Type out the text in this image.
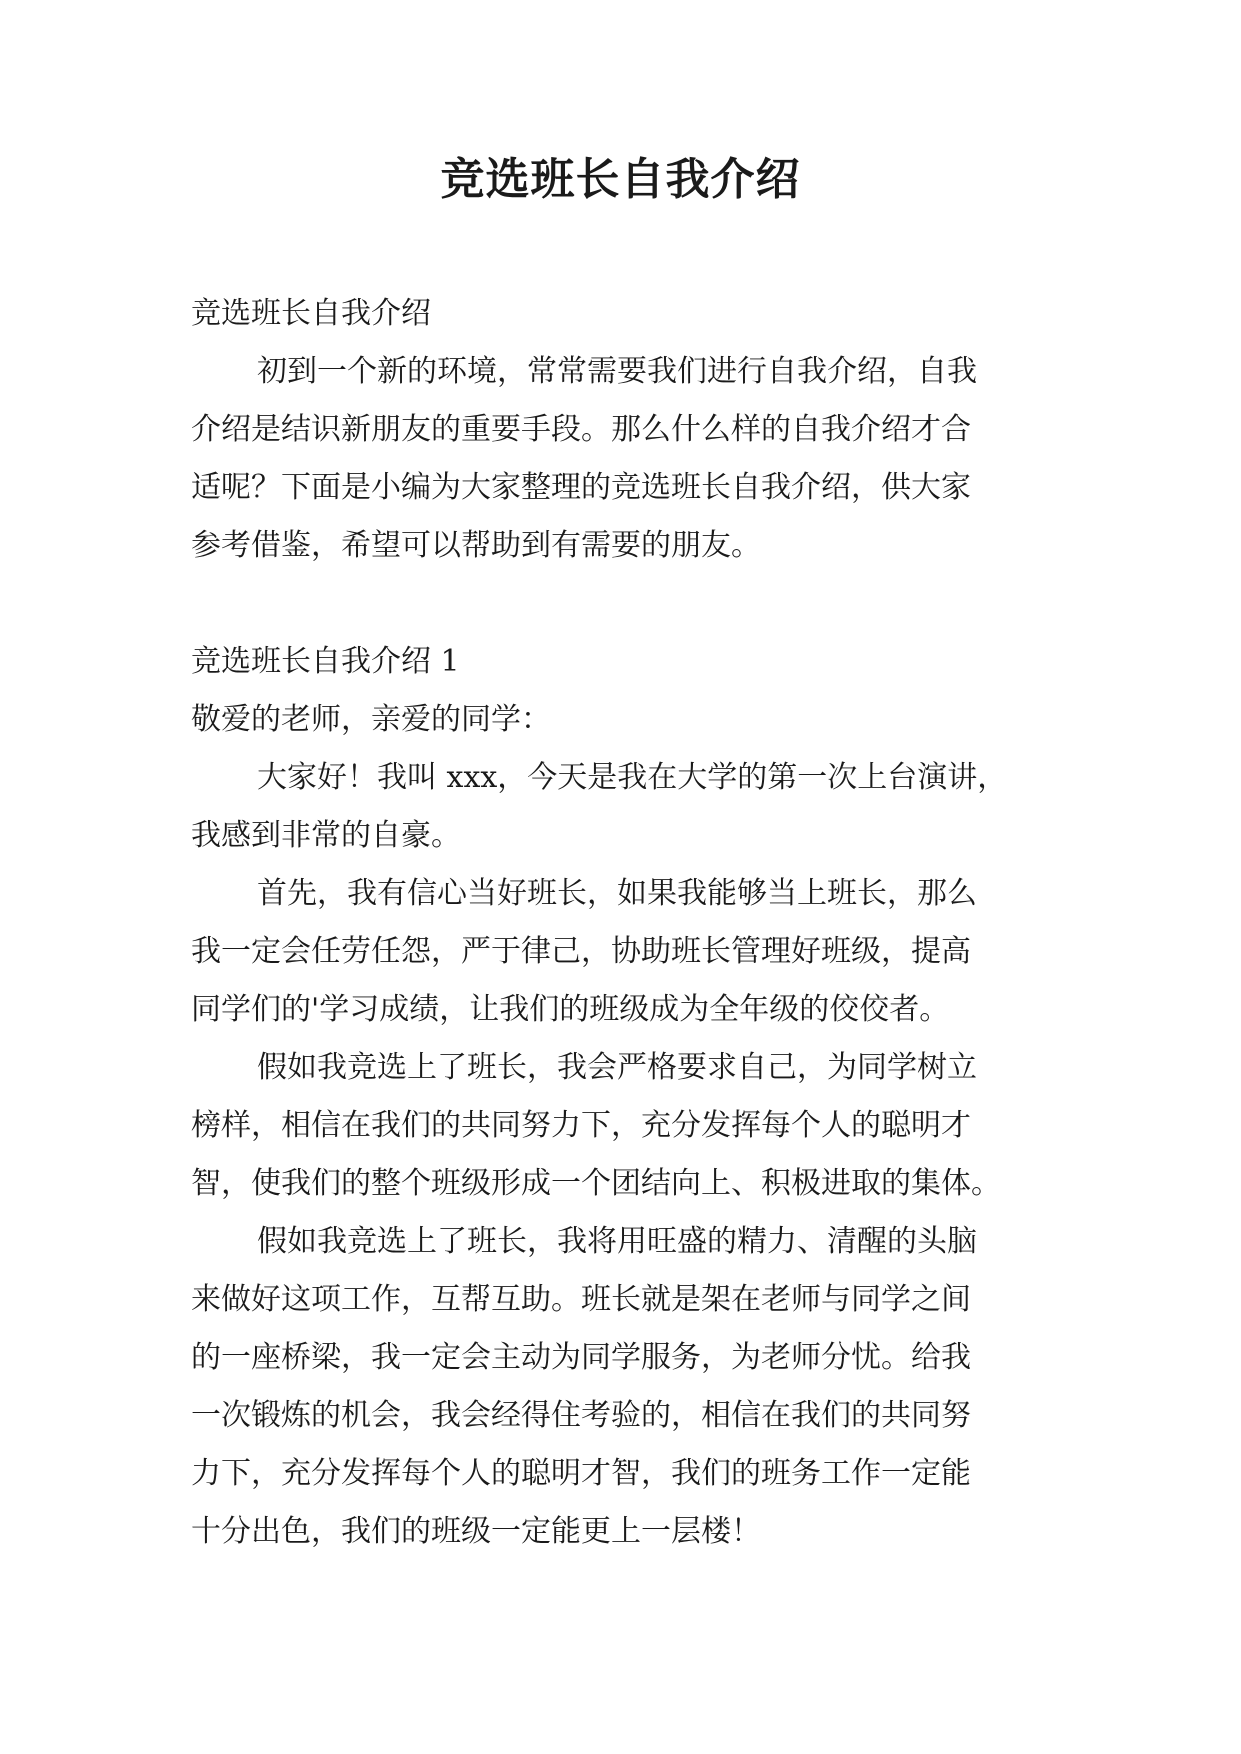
竞选班长自我介绍
竞选班长自我介绍
初到一个新的环境，常常需要我们进行自我介绍，自我
介绍是结识新朋友的重要手段。那么什么样的自我介绍才合
适呢？下面是小编为大家整理的竞选班长自我介绍，供大家
参考借鉴，希望可以帮助到有需要的朋友。
竞选班长自我介绍 1
敬爱的老师，亲爱的同学：
大家好！我叫 xxx，今天是我在大学的第一次上台演讲，
我感到非常的自豪。
首先，我有信心当好班长，如果我能够当上班长，那么
我一定会任劳任怨，严于律己，协助班长管理好班级，提高
同学们的'学习成绩，让我们的班级成为全年级的佼佼者。
假如我竞选上了班长，我会严格要求自己，为同学树立
榜样，相信在我们的共同努力下，充分发挥每个人的聪明才
智，使我们的整个班级形成一个团结向上、积极进取的集体。
假如我竞选上了班长，我将用旺盛的精力、清醒的头脑
来做好这项工作，互帮互助。班长就是架在老师与同学之间
的一座桥梁，我一定会主动为同学服务，为老师分忧。给我
一次锻炼的机会，我会经得住考验的，相信在我们的共同努
力下，充分发挥每个人的聪明才智，我们的班务工作一定能
十分出色，我们的班级一定能更上一层楼！
